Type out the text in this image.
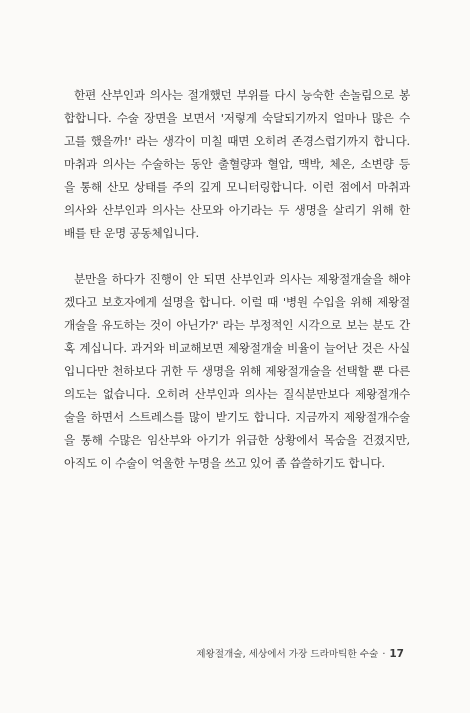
한편 산부인과 의사는 절개했던 부위를 다시 능숙한 손놀림으로 봉
합합니다. 수술 장면을 보면서 '저렇게 숙달되기까지 얼마나 많은 수
고를 했을까!' 라는 생각이 미칠 때면 오히려 존경스럽기까지 합니다.
마취과 의사는 수술하는 동안 출혈량과 혈압, 맥박, 체온, 소변량 등
을 통해 산모 상태를 주의 깊게 모니터링합니다. 이런 점에서 마취과
의사와 산부인과 의사는 산모와 아기라는 두 생명을 살리기 위해 한
배를 탄 운명 공동체입니다.
분만을 하다가 진행이 안 되면 산부인과 의사는 제왕절개술을 해야
겠다고 보호자에게 설명을 합니다. 이럴 때 '병원 수입을 위해 제왕절
개술을 유도하는 것이 아닌가?' 라는 부정적인 시각으로 보는 분도 간
혹 계십니다. 과거와 비교해보면 제왕절개술 비율이 늘어난 것은 사실
입니다만 천하보다 귀한 두 생명을 위해 제왕절개술을 선택할 뿐 다른
의도는 없습니다. 오히려 산부인과 의사는 질식분만보다 제왕절개수
술을 하면서 스트레스를 많이 받기도 합니다. 지금까지 제왕절개수술
을 통해 수많은 임산부와 아기가 위급한 상황에서 목숨을 건졌지만,
아직도 이 수술이 억울한 누명을 쓰고 있어 좀 씁쓸하기도 합니다.
제왕절개술, 세상에서 가장 드라마틱한 수술 · 17
